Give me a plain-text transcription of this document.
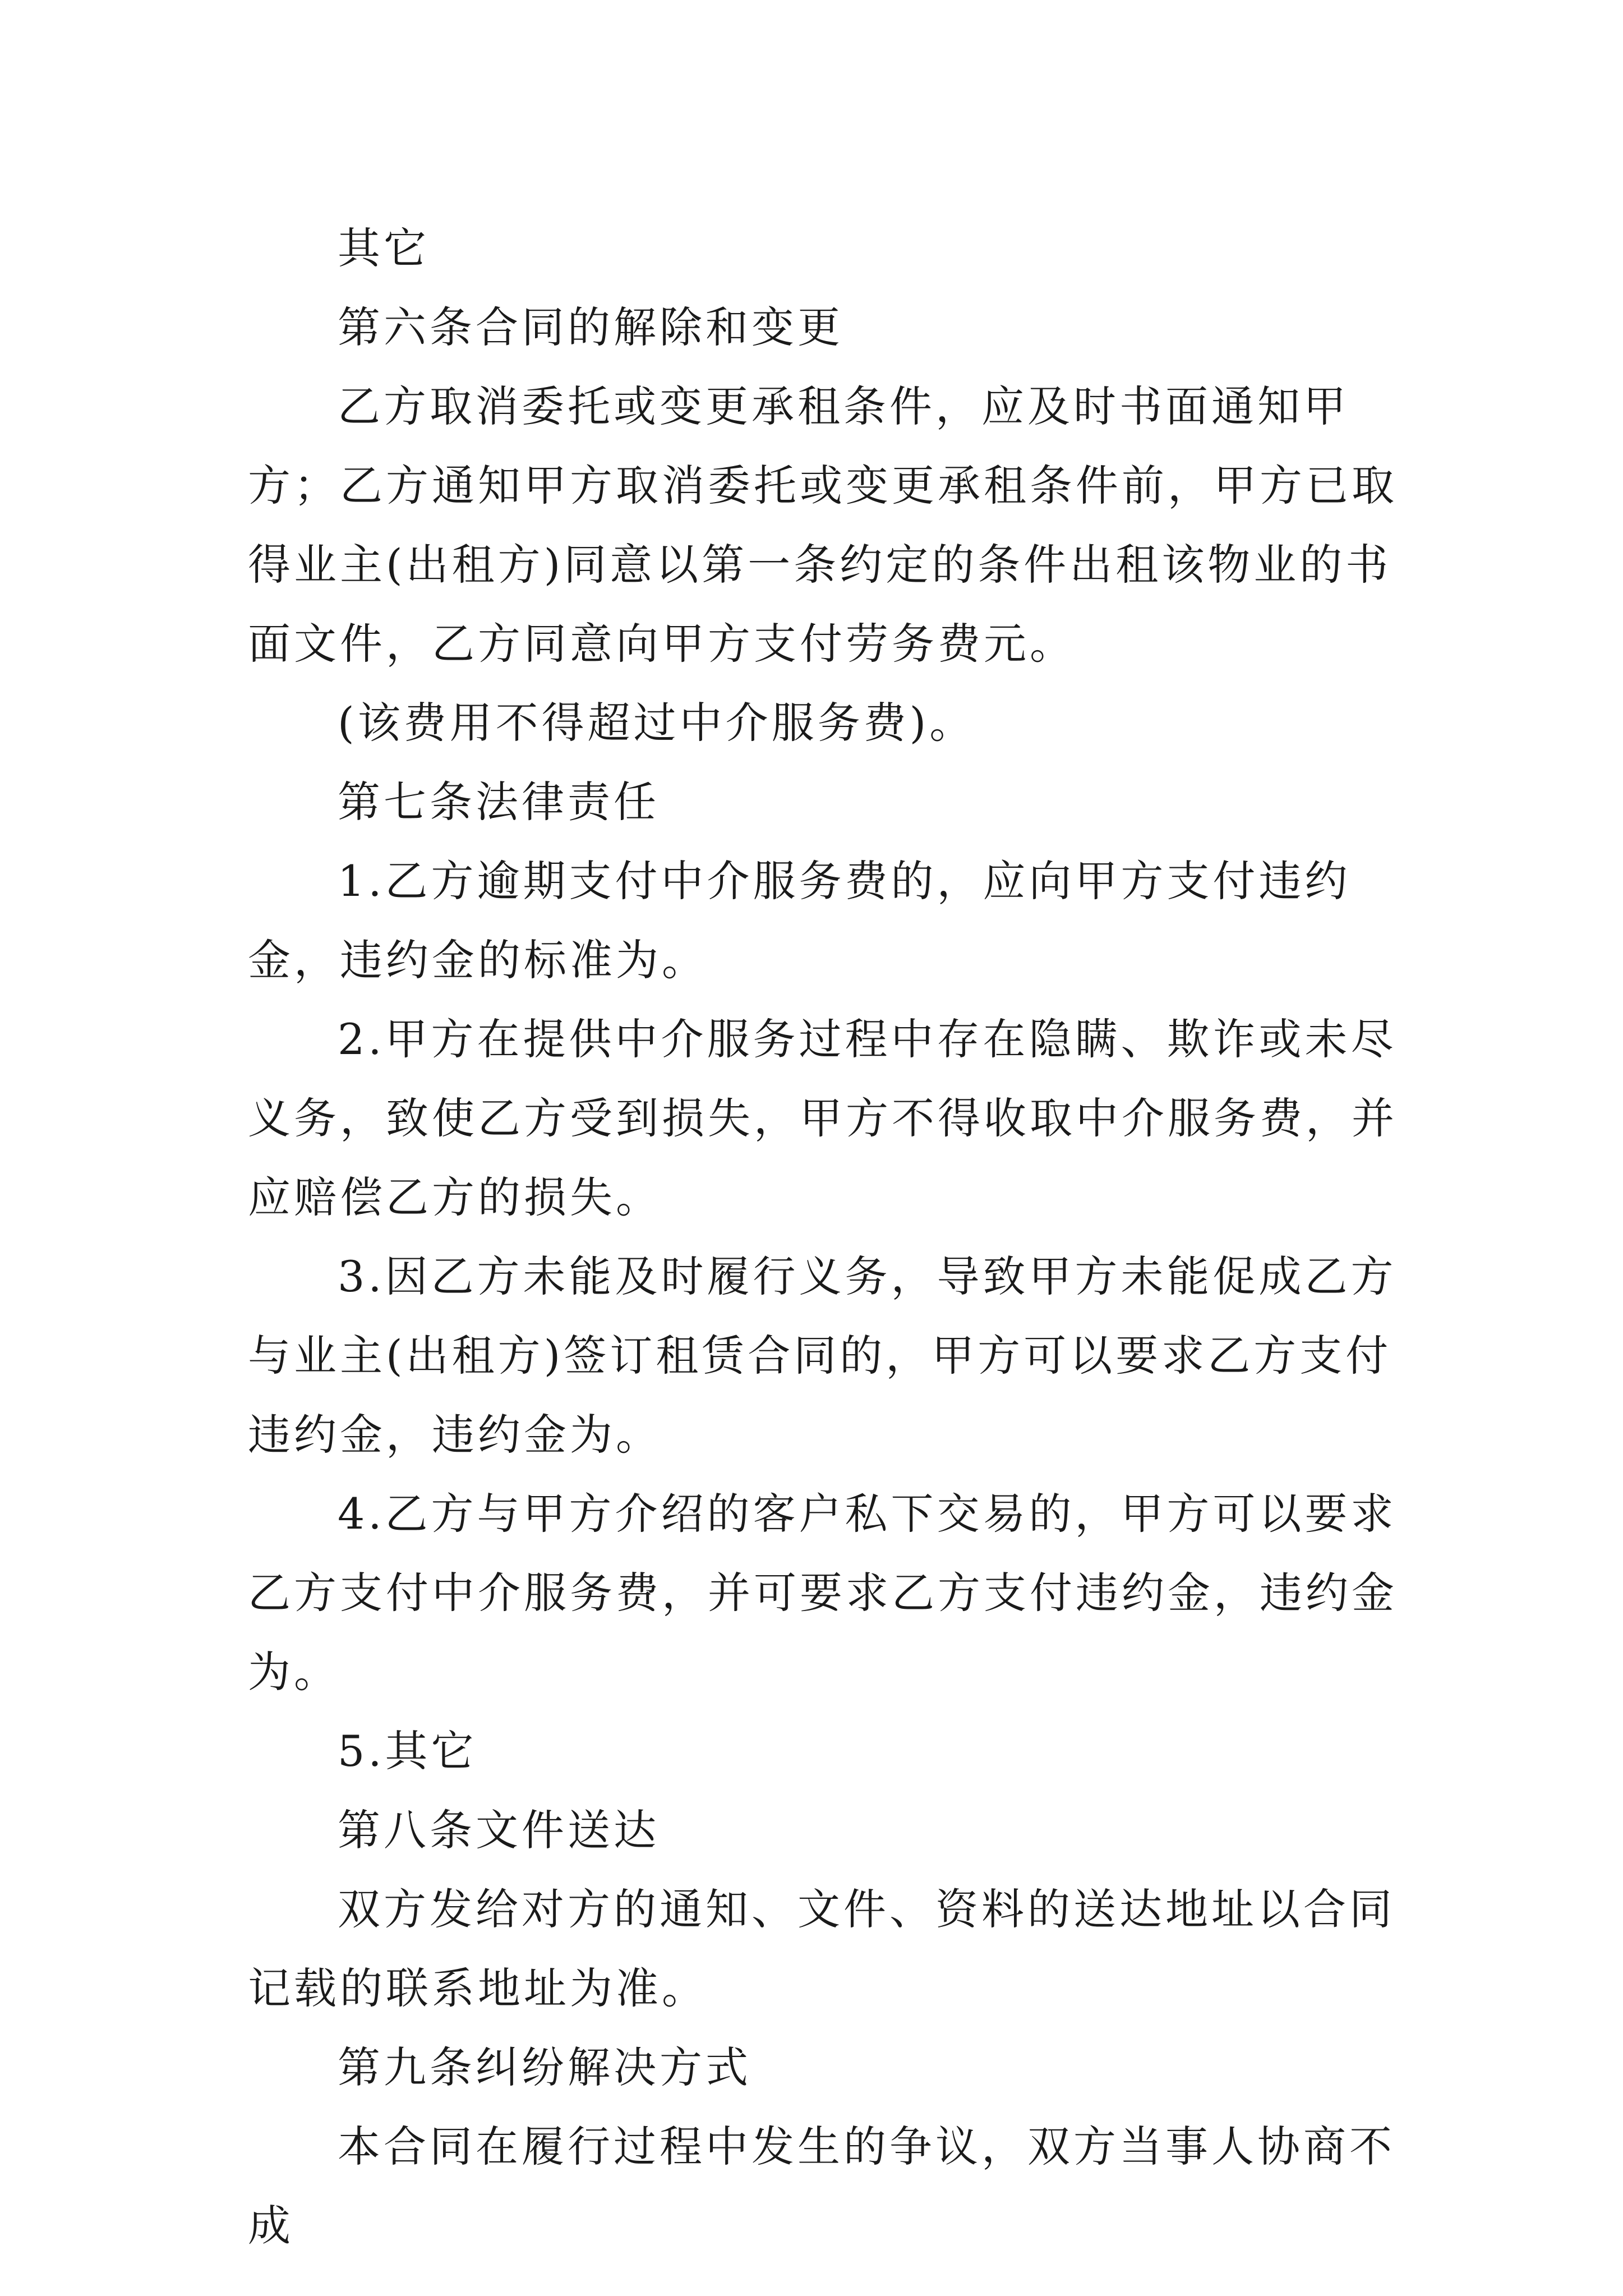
其它

第六条合同的解除和变更

乙方取消委托或变更承租条件，应及时书面通知甲方；乙方通知甲方取消委托或变更承租条件前，甲方已取得业主(出租方)同意以第一条约定的条件出租该物业的书面文件，乙方同意向甲方支付劳务费元。

(该费用不得超过中介服务费)。

第七条法律责任

1.乙方逾期支付中介服务费的，应向甲方支付违约金，违约金的标准为。

2.甲方在提供中介服务过程中存在隐瞒、欺诈或未尽义务，致使乙方受到损失，甲方不得收取中介服务费，并应赔偿乙方的损失。

3.因乙方未能及时履行义务，导致甲方未能促成乙方与业主(出租方)签订租赁合同的，甲方可以要求乙方支付违约金，违约金为。

4.乙方与甲方介绍的客户私下交易的，甲方可以要求乙方支付中介服务费，并可要求乙方支付违约金，违约金为。

5.其它

第八条文件送达

双方发给对方的通知、文件、资料的送达地址以合同记载的联系地址为准。

第九条纠纷解决方式

本合同在履行过程中发生的争议，双方当事人协商不成
